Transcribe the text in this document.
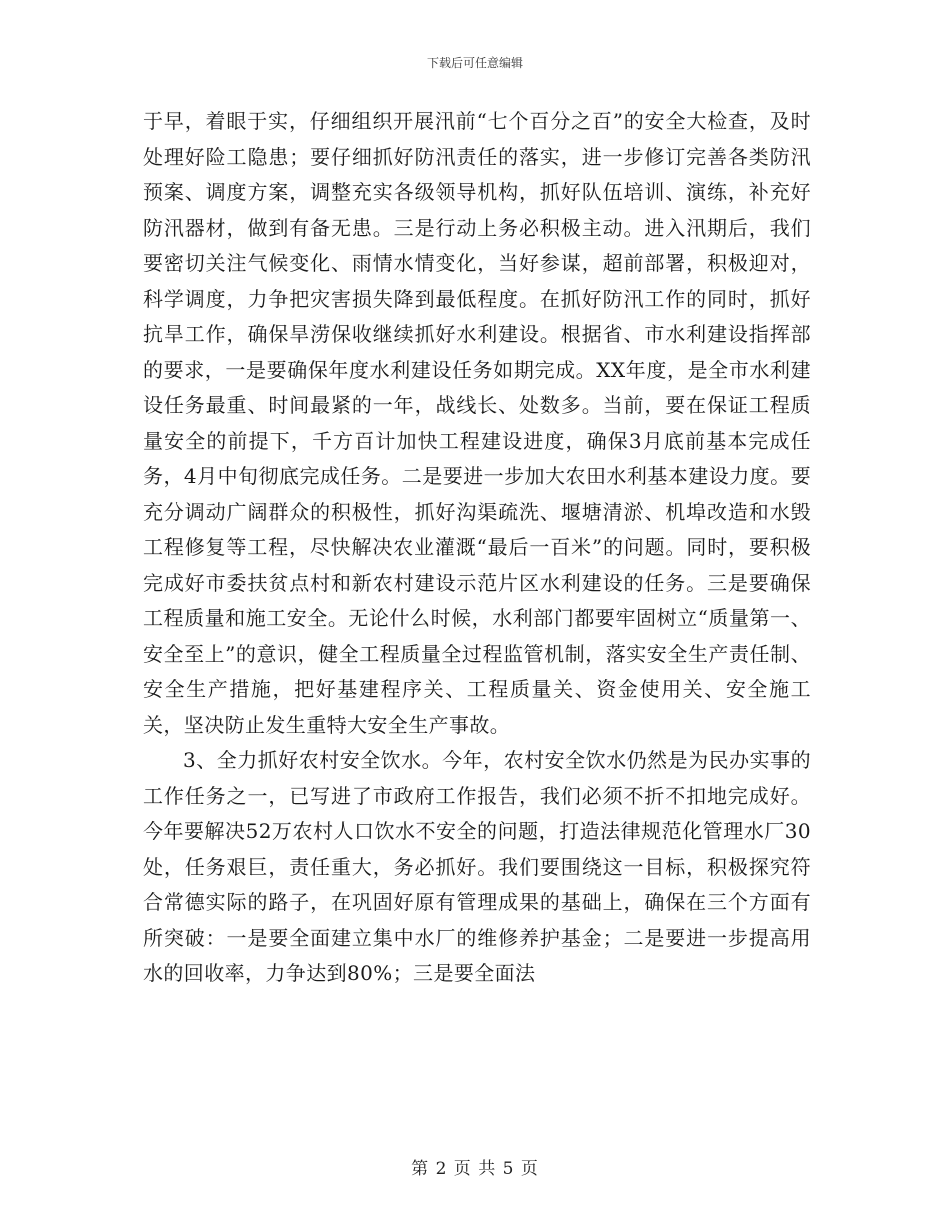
下载后可任意编辑

于早，着眼于实，仔细组织开展汛前“七个百分之百”的安全大检查，及时处理好险工隐患；要仔细抓好防汛责任的落实，进一步修订完善各类防汛预案、调度方案，调整充实各级领导机构，抓好队伍培训、演练，补充好防汛器材，做到有备无患。三是行动上务必积极主动。进入汛期后，我们要密切关注气候变化、雨情水情变化，当好参谋，超前部署，积极迎对，科学调度，力争把灾害损失降到最低程度。在抓好防汛工作的同时，抓好抗旱工作，确保旱涝保收继续抓好水利建设。根据省、市水利建设指挥部的要求，一是要确保年度水利建设任务如期完成。XX年度，是全市水利建设任务最重、时间最紧的一年，战线长、处数多。当前，要在保证工程质量安全的前提下，千方百计加快工程建设进度，确保3月底前基本完成任务，4月中旬彻底完成任务。二是要进一步加大农田水利基本建设力度。要充分调动广阔群众的积极性，抓好沟渠疏洗、堰塘清淤、机埠改造和水毁工程修复等工程，尽快解决农业灌溉“最后一百米”的问题。同时，要积极完成好市委扶贫点村和新农村建设示范片区水利建设的任务。三是要确保工程质量和施工安全。无论什么时候，水利部门都要牢固树立“质量第一、安全至上”的意识，健全工程质量全过程监管机制，落实安全生产责任制、安全生产措施，把好基建程序关、工程质量关、资金使用关、安全施工关，坚决防止发生重特大安全生产事故。

3、全力抓好农村安全饮水。今年，农村安全饮水仍然是为民办实事的工作任务之一，已写进了市政府工作报告，我们必须不折不扣地完成好。今年要解决52万农村人口饮水不安全的问题，打造法律规范化管理水厂30处，任务艰巨，责任重大，务必抓好。我们要围绕这一目标，积极探究符合常德实际的路子，在巩固好原有管理成果的基础上，确保在三个方面有所突破：一是要全面建立集中水厂的维修养护基金；二是要进一步提高用水的回收率，力争达到80%；三是要全面法

第 2 页 共 5 页
